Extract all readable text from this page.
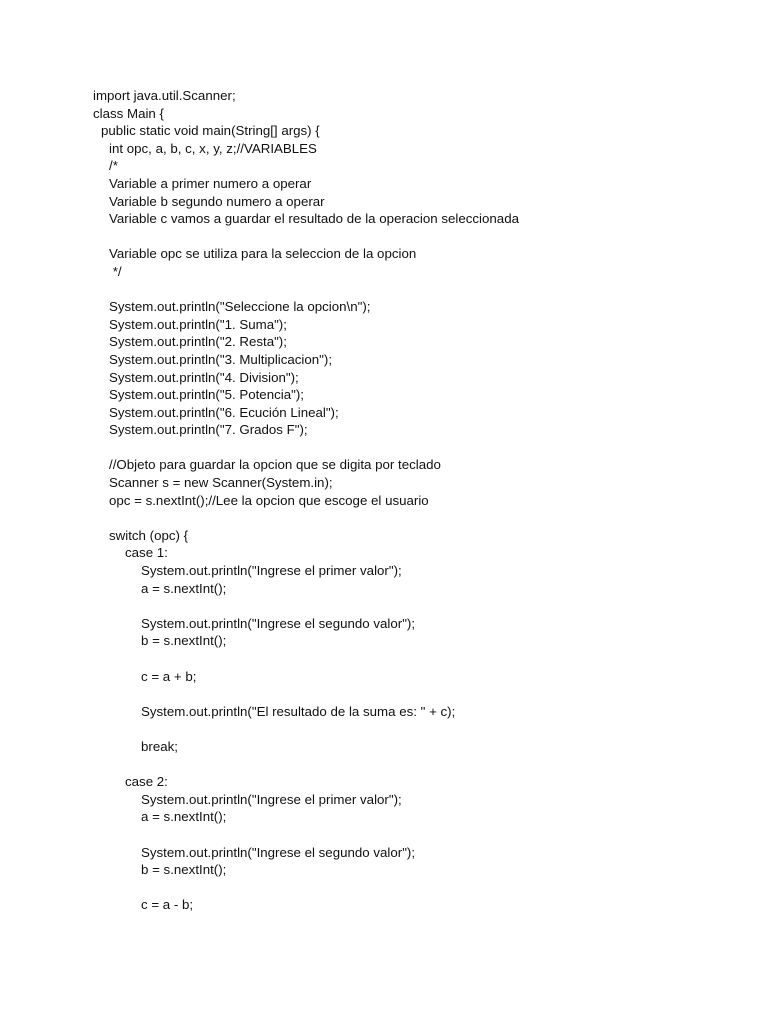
import java.util.Scanner;
class Main {
public static void main(String[] args) {
int opc, a, b, c, x, y, z;//VARIABLES
/*
Variable a primer numero a operar
Variable b segundo numero a operar
Variable c vamos a guardar el resultado de la operacion seleccionada
Variable opc se utiliza para la seleccion de la opcion
*/
System.out.println("Seleccione la opcion\n");
System.out.println("1. Suma");
System.out.println("2. Resta");
System.out.println("3. Multiplicacion");
System.out.println("4. Division");
System.out.println("5. Potencia");
System.out.println("6. Ecución Lineal");
System.out.println("7. Grados F");
//Objeto para guardar la opcion que se digita por teclado
Scanner s = new Scanner(System.in);
opc = s.nextInt();//Lee la opcion que escoge el usuario
switch (opc) {
case 1:
System.out.println("Ingrese el primer valor");
a = s.nextInt();
System.out.println("Ingrese el segundo valor");
b = s.nextInt();
c = a + b;
System.out.println("El resultado de la suma es: " + c);
break;
case 2:
System.out.println("Ingrese el primer valor");
a = s.nextInt();
System.out.println("Ingrese el segundo valor");
b = s.nextInt();
c = a - b;
